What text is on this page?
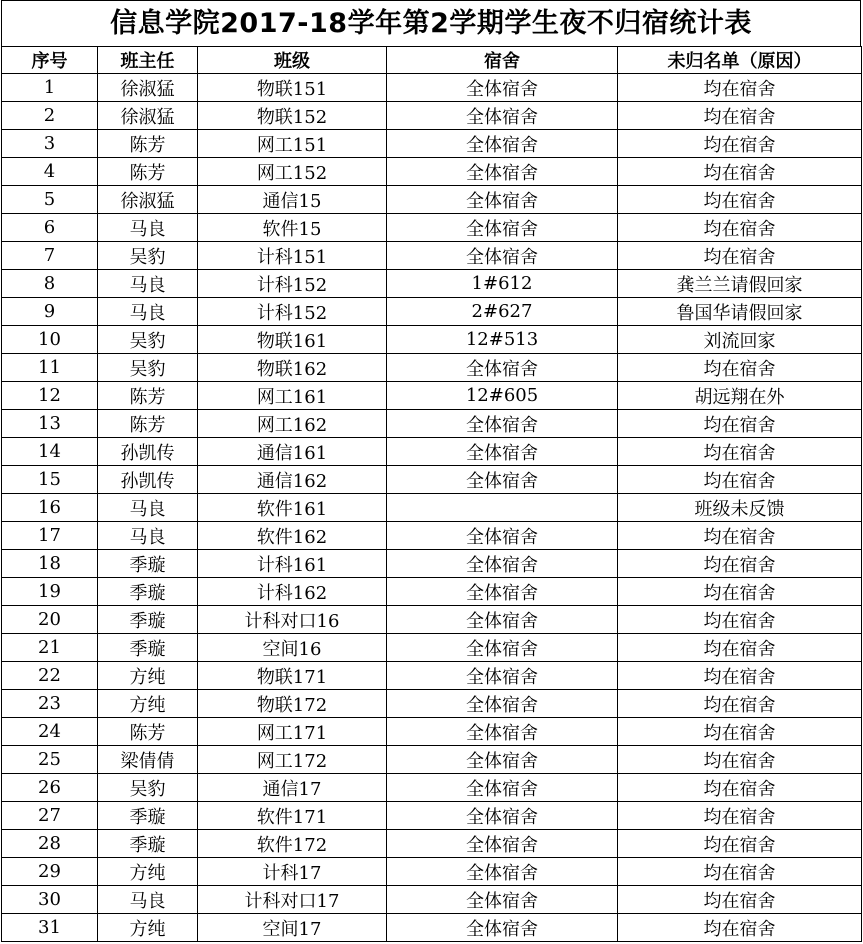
信息学院2017-18学年第2学期学生夜不归宿统计表
序号	班主任	班级	宿舍	未归名单（原因）
1	徐淑猛	物联151	全体宿舍	均在宿舍
2	徐淑猛	物联152	全体宿舍	均在宿舍
3	陈芳	网工151	全体宿舍	均在宿舍
4	陈芳	网工152	全体宿舍	均在宿舍
5	徐淑猛	通信15	全体宿舍	均在宿舍
6	马良	软件15	全体宿舍	均在宿舍
7	吴豹	计科151	全体宿舍	均在宿舍
8	马良	计科152	1#612	龚兰兰请假回家
9	马良	计科152	2#627	鲁国华请假回家
10	吴豹	物联161	12#513	刘流回家
11	吴豹	物联162	全体宿舍	均在宿舍
12	陈芳	网工161	12#605	胡远翔在外
13	陈芳	网工162	全体宿舍	均在宿舍
14	孙凯传	通信161	全体宿舍	均在宿舍
15	孙凯传	通信162	全体宿舍	均在宿舍
16	马良	软件161		班级未反馈
17	马良	软件162	全体宿舍	均在宿舍
18	季璇	计科161	全体宿舍	均在宿舍
19	季璇	计科162	全体宿舍	均在宿舍
20	季璇	计科对口16	全体宿舍	均在宿舍
21	季璇	空间16	全体宿舍	均在宿舍
22	方纯	物联171	全体宿舍	均在宿舍
23	方纯	物联172	全体宿舍	均在宿舍
24	陈芳	网工171	全体宿舍	均在宿舍
25	梁倩倩	网工172	全体宿舍	均在宿舍
26	吴豹	通信17	全体宿舍	均在宿舍
27	季璇	软件171	全体宿舍	均在宿舍
28	季璇	软件172	全体宿舍	均在宿舍
29	方纯	计科17	全体宿舍	均在宿舍
30	马良	计科对口17	全体宿舍	均在宿舍
31	方纯	空间17	全体宿舍	均在宿舍
